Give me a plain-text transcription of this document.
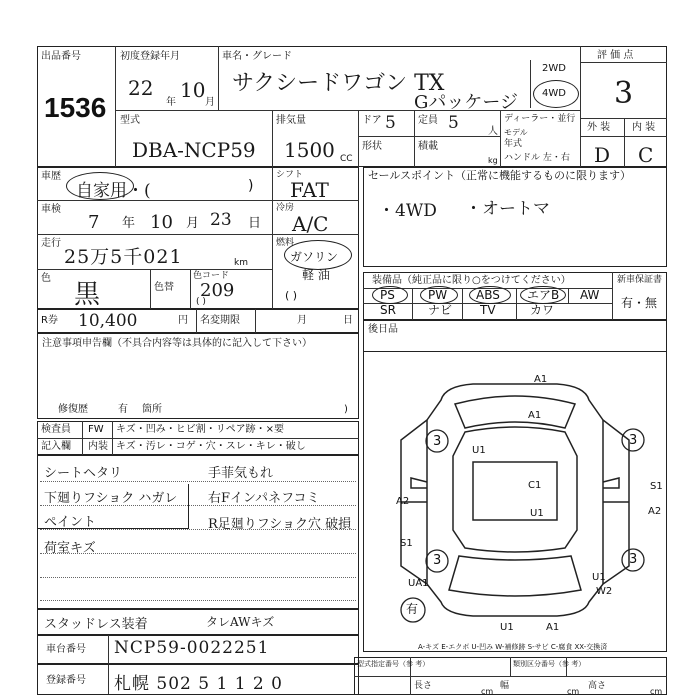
出品番号
1536
初度登録年月
22 10
年	月
車名・グレード
サクシードワゴン TX
Gパッケージ
2WD
4WD
評 価 点
3
型式
DBA-NCP59
排気量
1500 CC
ドア 5 定員 5	人
形状	積載
kg
ディーラー・並行
モデル
年式
ハンドル 左・右
外 装 内 装
D C
車歴
自家用・(	)
シフト
FAT
車検
7 年 10 月 23 日
冷房
A/C
走行
25万5千021	km
燃料
ガソリン
軽 油
( )
色
黒	色替
色コード
209
( )
セールスポイント（正常に機能するものに限ります）
・4WD ・オートマ
R券 10,400	円 名変期限	月	日
装備品（純正品に限り○をつけてください）	新車保証書
有・無
PS	PW ABS エアB AW
SR	ナビ TV	カワ
後日品
注意事項申告欄（不具合内容等は具体的に記入して下さい）
修復歴	有 箇所	)
検査員
記入欄
FW キズ・凹み・ヒビ割・リペア跡・×要
内装 キズ・汚レ・コゲ・穴・スレ・キレ・破し
シートヘタリ
下廻りフショク ハガレ
ペイント
荷室キズ
手菲気もれ
右Fインパネフコミ
R足廻りフショク穴 破損
スタッドレス装着	タレAWキズ
車台番号 NCP59-0022251
登録番号 札幌 502 5 1 1 2 0
A1
A1
3	3
U1
C1
U1
A2
A2
S1
S1
3	3
UA1
U1
W2
有
U1	A1
A-キズ E-エクボ U-凹み W-補修跡 S-サビ C-腐食 XX-交換済
型式指定番号（参 考）	類別区分番号（参 考）
長さ
cm
幅
cm
高さ
cm
